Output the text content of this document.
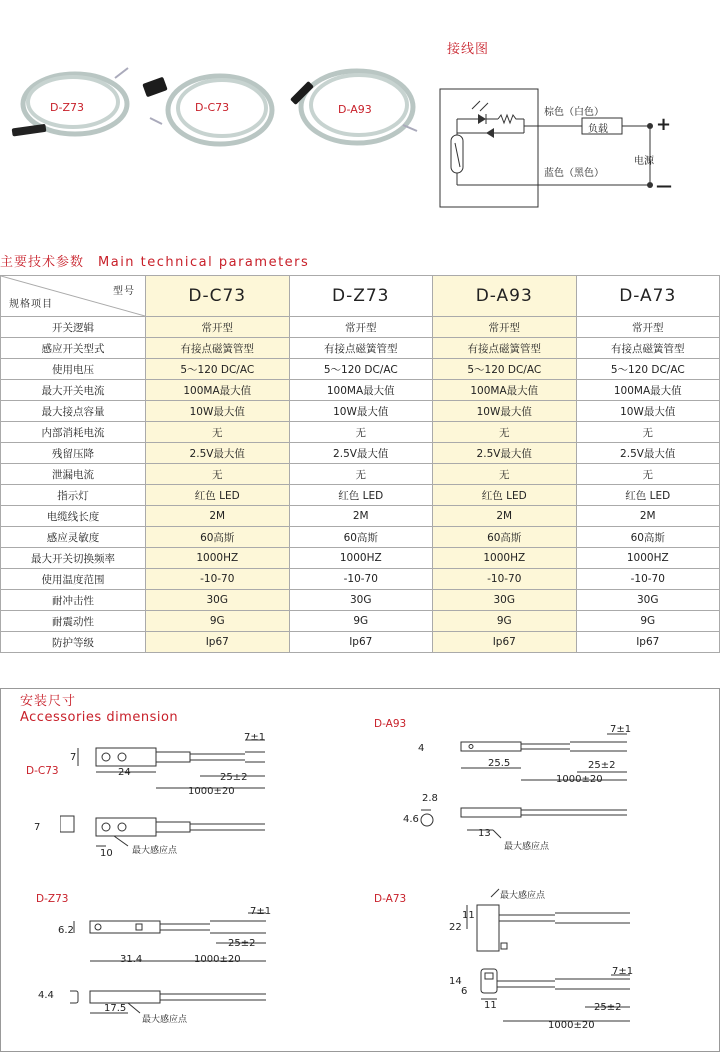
D-Z73	D-C73	D-A93
接线图
棕色（白色）
负载	+
电源
蓝色（黑色）
—
主要技术参数 Main technical parameters
型号
规格项目	D-C73	D-Z73	D-A93	D-A73
开关逻辑	常开型	常开型	常开型	常开型
感应开关型式	有接点磁簧管型	有接点磁簧管型	有接点磁簧管型	有接点磁簧管型
使用电压	5～120 DC/AC	5～120 DC/AC	5～120 DC/AC	5～120 DC/AC
最大开关电流	100MA最大值	100MA最大值	100MA最大值	100MA最大值
最大接点容量	10W最大值	10W最大值	10W最大值	10W最大值
内部消耗电流	无	无	无	无
残留压降	2.5V最大值	2.5V最大值	2.5V最大值	2.5V最大值
泄漏电流	无	无	无	无
指示灯	红色 LED	红色 LED	红色 LED	红色 LED
电缆线长度	2M	2M	2M	2M
感应灵敏度	60高斯	60高斯	60高斯	60高斯
最大开关切换频率	1000HZ	1000HZ	1000HZ	1000HZ
使用温度范围	-10-70	-10-70	-10-70	-10-70
耐冲击性	30G	30G	30G	30G
耐震动性	9G	9G	9G	9G
防护等级	Ip67	Ip67	Ip67	Ip67
安装尺寸
Accessories dimension
D-C73
7
24
7±1
25±2
1000±20
7
10 最大感应点
D-A93
4
25.5
7±1
25±2
1000±20
2.8
4.6
13
最大感应点
D-Z73
6.2
31.4
7±1
25±2
1000±20
4.4
17.5
最大感应点
D-A73	最大感应点
11
22
7±1
14
6
25±2
11
1000±20
